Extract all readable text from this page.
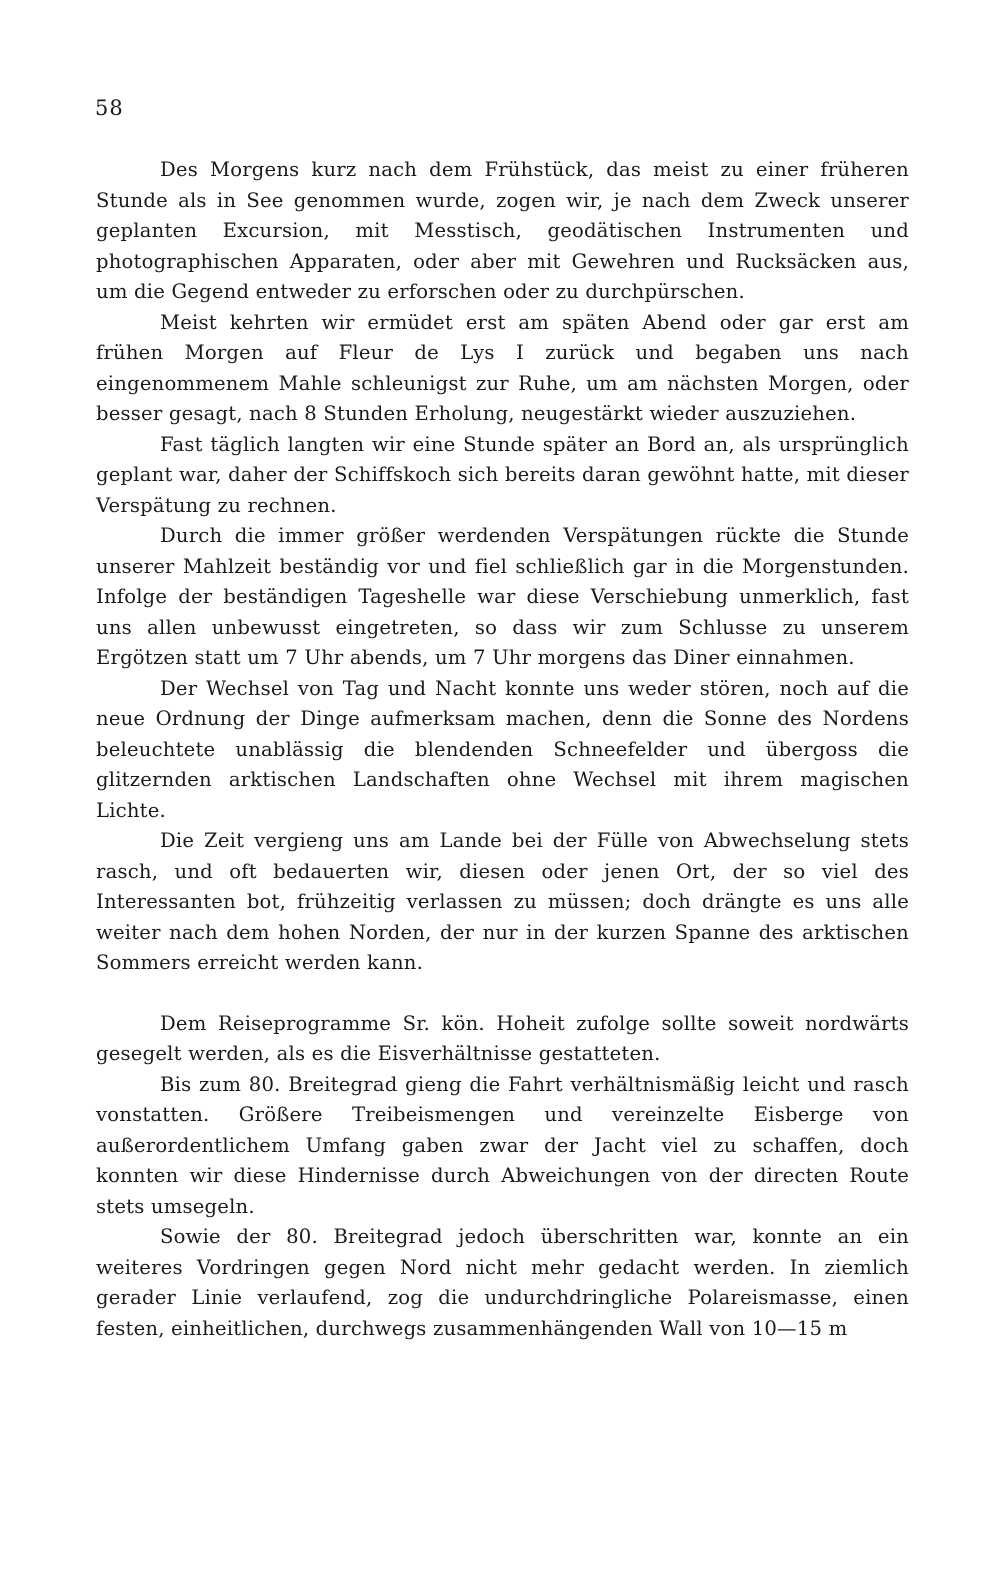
58

Des Morgens kurz nach dem Frühstück, das meist zu einer früheren Stunde als in See genommen wurde, zogen wir, je nach dem Zweck unserer geplanten Excursion, mit Messtisch, geodätischen Instrumenten und photographischen Apparaten, oder aber mit Gewehren und Rucksäcken aus, um die Gegend entweder zu erforschen oder zu durchpürschen.

Meist kehrten wir ermüdet erst am späten Abend oder gar erst am frühen Morgen auf Fleur de Lys I zurück und begaben uns nach eingenommenem Mahle schleunigst zur Ruhe, um am nächsten Morgen, oder besser gesagt, nach 8 Stunden Erholung, neugestärkt wieder auszuziehen.

Fast täglich langten wir eine Stunde später an Bord an, als ursprünglich geplant war, daher der Schiffskoch sich bereits daran gewöhnt hatte, mit dieser Verspätung zu rechnen.

Durch die immer größer werdenden Verspätungen rückte die Stunde unserer Mahlzeit beständig vor und fiel schließlich gar in die Morgenstunden. Infolge der beständigen Tageshelle war diese Verschiebung unmerklich, fast uns allen unbewusst eingetreten, so dass wir zum Schlusse zu unserem Ergötzen statt um 7 Uhr abends, um 7 Uhr morgens das Diner einnahmen.

Der Wechsel von Tag und Nacht konnte uns weder stören, noch auf die neue Ordnung der Dinge aufmerksam machen, denn die Sonne des Nordens beleuchtete unablässig die blendenden Schneefelder und übergoss die glitzernden arktischen Landschaften ohne Wechsel mit ihrem magischen Lichte.

Die Zeit vergieng uns am Lande bei der Fülle von Abwechselung stets rasch, und oft bedauerten wir, diesen oder jenen Ort, der so viel des Interessanten bot, frühzeitig verlassen zu müssen; doch drängte es uns alle weiter nach dem hohen Norden, der nur in der kurzen Spanne des arktischen Sommers erreicht werden kann.

Dem Reiseprogramme Sr. kön. Hoheit zufolge sollte soweit nordwärts gesegelt werden, als es die Eisverhältnisse gestatteten.

Bis zum 80. Breitegrad gieng die Fahrt verhältnismäßig leicht und rasch vonstatten. Größere Treibeismengen und vereinzelte Eisberge von außerordentlichem Umfang gaben zwar der Jacht viel zu schaffen, doch konnten wir diese Hindernisse durch Abweichungen von der directen Route stets umsegeln.

Sowie der 80. Breitegrad jedoch überschritten war, konnte an ein weiteres Vordringen gegen Nord nicht mehr gedacht werden. In ziemlich gerader Linie verlaufend, zog die undurchdringliche Polareismasse, einen festen, einheitlichen, durchwegs zusammenhängenden Wall von 10—15 m
